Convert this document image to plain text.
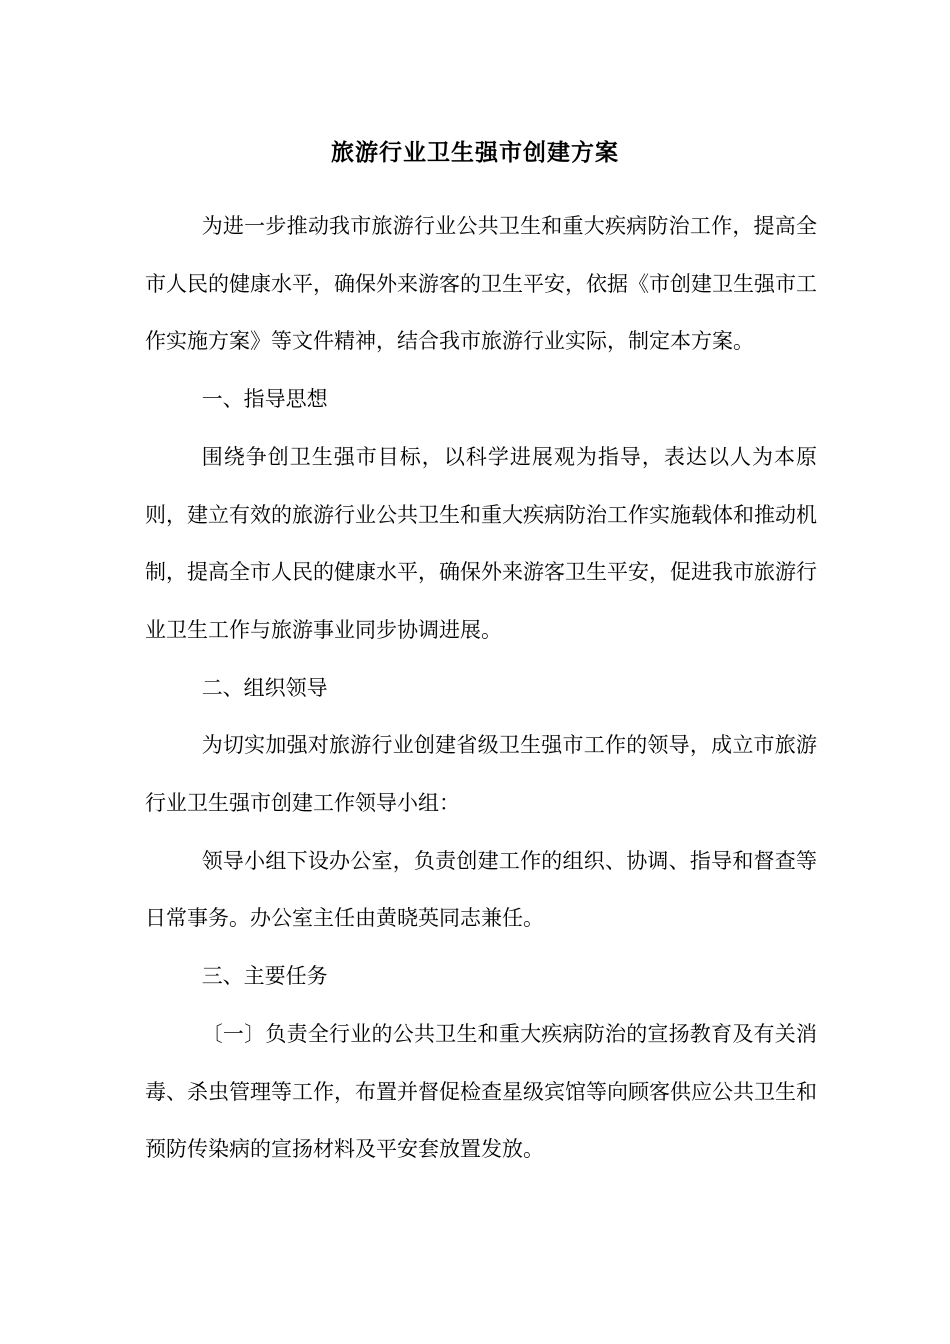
旅游行业卫生强市创建方案

为进一步推动我市旅游行业公共卫生和重大疾病防治工作，提高全市人民的健康水平，确保外来游客的卫生平安，依据《市创建卫生强市工作实施方案》等文件精神，结合我市旅游行业实际，制定本方案。

一、指导思想

围绕争创卫生强市目标，以科学进展观为指导，表达以人为本原则，建立有效的旅游行业公共卫生和重大疾病防治工作实施载体和推动机制，提高全市人民的健康水平，确保外来游客卫生平安，促进我市旅游行业卫生工作与旅游事业同步协调进展。

二、组织领导

为切实加强对旅游行业创建省级卫生强市工作的领导，成立市旅游行业卫生强市创建工作领导小组：

领导小组下设办公室，负责创建工作的组织、协调、指导和督查等日常事务。办公室主任由黄晓英同志兼任。

三、主要任务

〔一〕负责全行业的公共卫生和重大疾病防治的宣扬教育及有关消毒、杀虫管理等工作，布置并督促检查星级宾馆等向顾客供应公共卫生和预防传染病的宣扬材料及平安套放置发放。
